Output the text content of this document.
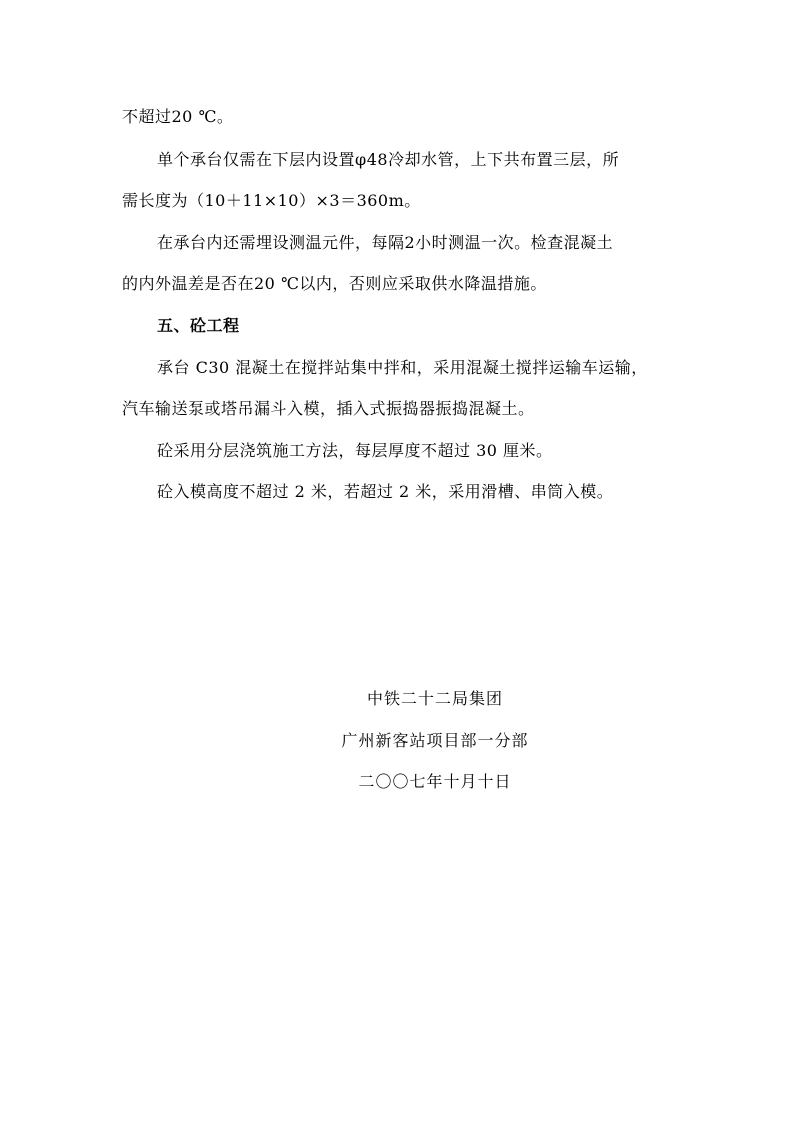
不超过20 ℃。
单个承台仅需在下层内设置φ48冷却水管，上下共布置三层，所
需长度为（10＋11×10）×3＝360m。
在承台内还需埋设测温元件，每隔2小时测温一次。检查混凝土
的内外温差是否在20 ℃以内，否则应采取供水降温措施。
五、砼工程
承台 C30 混凝土在搅拌站集中拌和，采用混凝土搅拌运输车运输，
汽车输送泵或塔吊漏斗入模，插入式振捣器振捣混凝土。
砼采用分层浇筑施工方法，每层厚度不超过 30 厘米。
砼入模高度不超过 2 米，若超过 2 米，采用滑槽、串筒入模。
中铁二十二局集团
广州新客站项目部一分部
二〇〇七年十月十日
